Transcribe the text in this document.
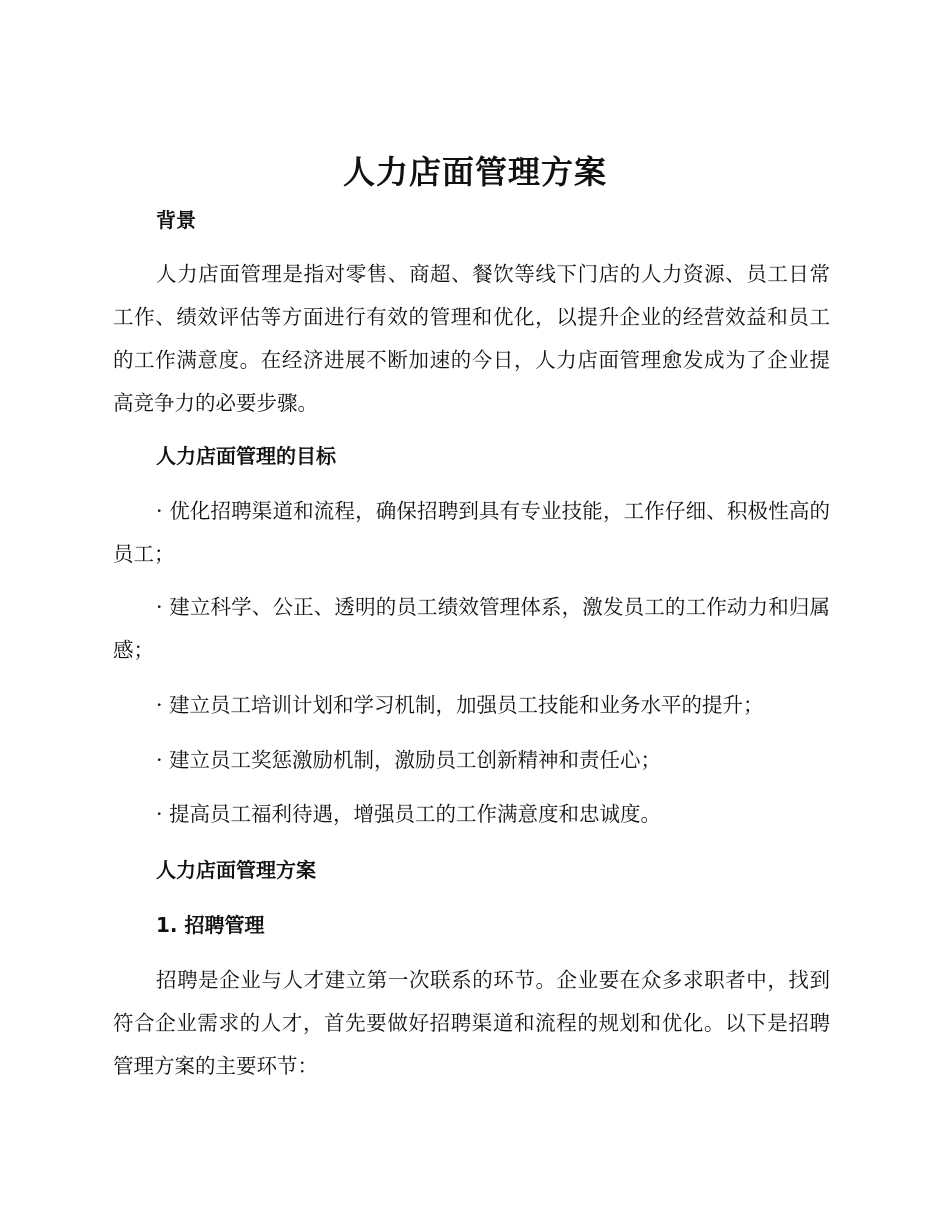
人力店面管理方案
背景

人力店面管理是指对零售、商超、餐饮等线下门店的人力资源、员工日常工作、绩效评估等方面进行有效的管理和优化，以提升企业的经营效益和员工的工作满意度。在经济进展不断加速的今日，人力店面管理愈发成为了企业提高竞争力的必要步骤。

人力店面管理的目标

· 优化招聘渠道和流程，确保招聘到具有专业技能，工作仔细、积极性高的员工；

· 建立科学、公正、透明的员工绩效管理体系，激发员工的工作动力和归属感；

· 建立员工培训计划和学习机制，加强员工技能和业务水平的提升；

· 建立员工奖惩激励机制，激励员工创新精神和责任心；

· 提高员工福利待遇，增强员工的工作满意度和忠诚度。

人力店面管理方案
1. 招聘管理

招聘是企业与人才建立第一次联系的环节。企业要在众多求职者中，找到符合企业需求的人才，首先要做好招聘渠道和流程的规划和优化。以下是招聘管理方案的主要环节：
